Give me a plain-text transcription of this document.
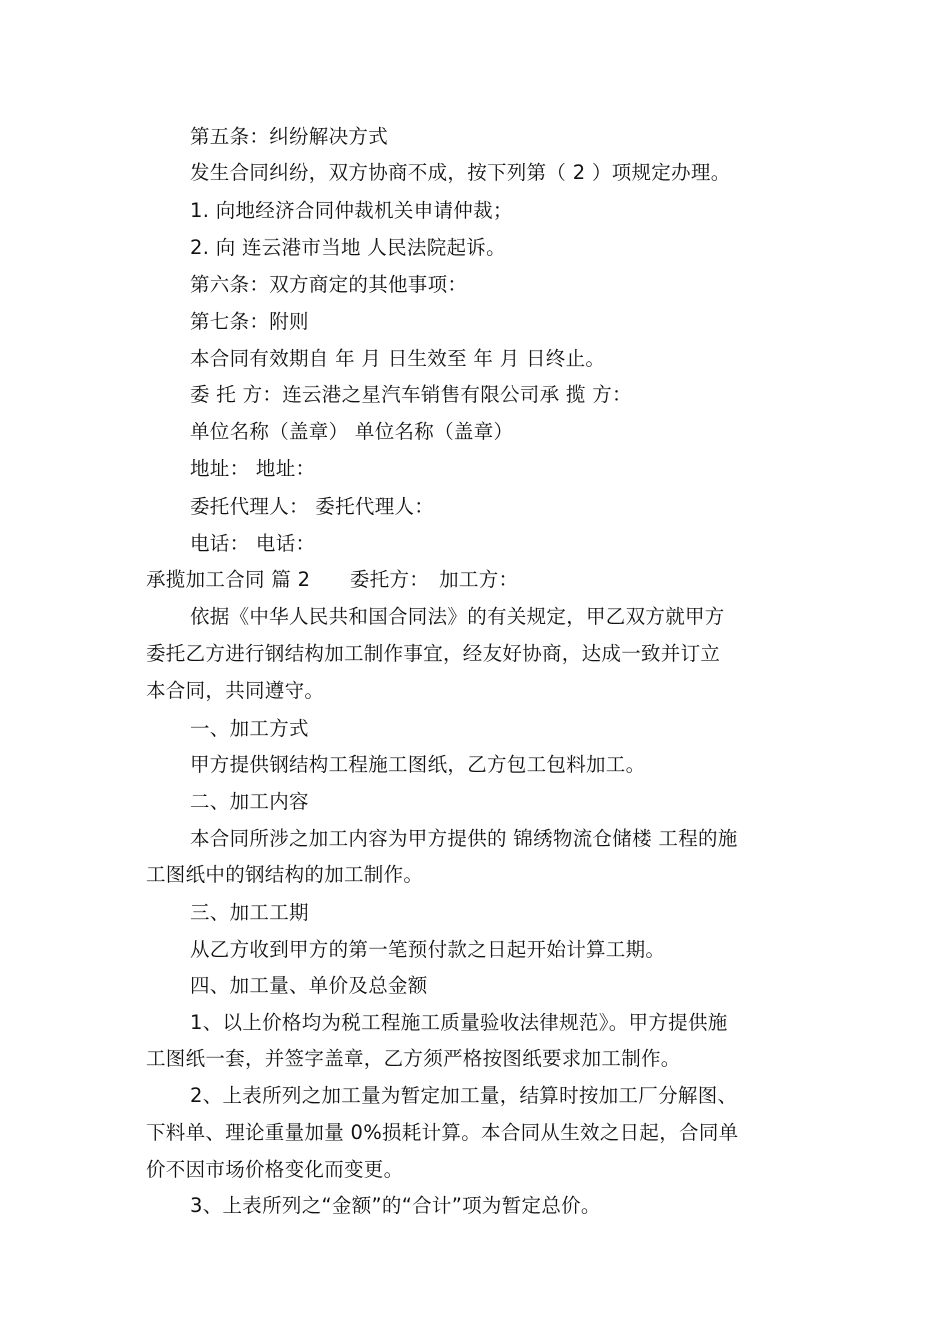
第五条：纠纷解决方式
发生合同纠纷，双方协商不成，按下列第（ 2 ）项规定办理。
1. 向地经济合同仲裁机关申请仲裁；
2. 向 连云港市当地 人民法院起诉。
第六条：双方商定的其他事项：
第七条：附则
本合同有效期自 年 月 日生效至 年 月 日终止。
委 托 方：连云港之星汽车销售有限公司承 揽 方：
单位名称（盖章） 单位名称（盖章）
地址： 地址：
委托代理人： 委托代理人：
电话： 电话：
承揽加工合同 篇 2　　委托方：　加工方：
依据《中华人民共和国合同法》的有关规定，甲乙双方就甲方
委托乙方进行钢结构加工制作事宜，经友好协商，达成一致并订立
本合同，共同遵守。
一、加工方式
甲方提供钢结构工程施工图纸，乙方包工包料加工。
二、加工内容
本合同所涉之加工内容为甲方提供的 锦绣物流仓储楼 工程的施
工图纸中的钢结构的加工制作。
三、加工工期
从乙方收到甲方的第一笔预付款之日起开始计算工期。
四、加工量、单价及总金额
1、以上价格均为税工程施工质量验收法律规范》。甲方提供施
工图纸一套，并签字盖章，乙方须严格按图纸要求加工制作。
2、上表所列之加工量为暂定加工量，结算时按加工厂分解图、
下料单、理论重量加量 0%损耗计算。本合同从生效之日起，合同单
价不因市场价格变化而变更。
3、上表所列之“金额”的“合计”项为暂定总价。
